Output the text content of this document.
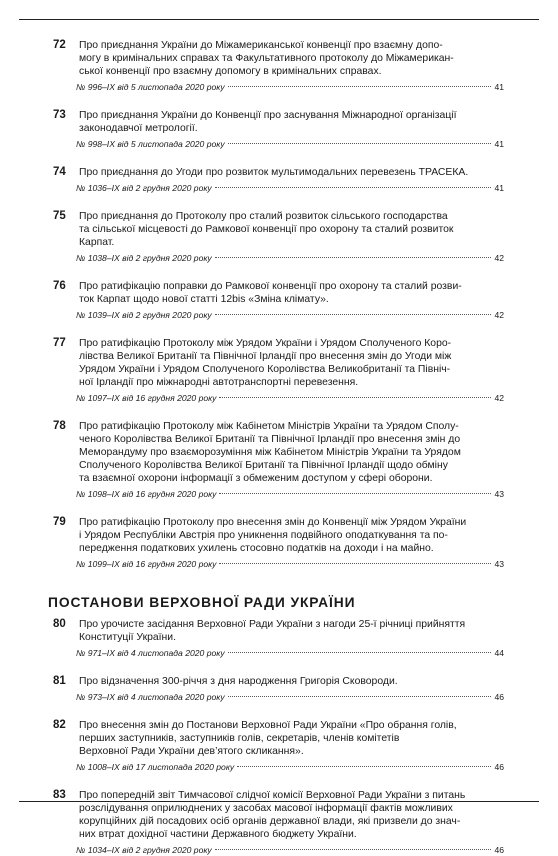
72 Про приєднання України до Міжамериканської конвенції про взаємну допо-
могу в кримінальних справах та Факультативного протоколу до Міжамерикан-
ської конвенції про взаємну допомогу в кримінальних справах.
№ 996–IX від 5 листопада 2020 року	41
73 Про приєднання України до Конвенції про заснування Міжнародної організації
законодавчої метрології.
№ 998–IX від 5 листопада 2020 року	41
74 Про приєднання до Угоди про розвиток мультимодальних перевезень ТРАСЕКА.
№ 1036–IX від 2 грудня 2020 року	41
75 Про приєднання до Протоколу про сталий розвиток сільського господарства
та сільської місцевості до Рамкової конвенції про охорону та сталий розвиток
Карпат.
№ 1038–IX від 2 грудня 2020 року	42
76 Про ратифікацію поправки до Рамкової конвенції про охорону та сталий розви-
ток Карпат щодо нової статті 12bis «Зміна клімату».
№ 1039–IX від 2 грудня 2020 року	42
77 Про ратифікацію Протоколу між Урядом України і Урядом Сполученого Коро-
лівства Великої Британії та Північної Ірландії про внесення змін до Угоди між
Урядом України і Урядом Сполученого Королівства Великобританії та Північ-
ної Ірландії про міжнародні автотранспортні перевезення.
№ 1097–IX від 16 грудня 2020 року	42
78 Про ратифікацію Протоколу між Кабінетом Міністрів України та Урядом Сполу-
ченого Королівства Великої Британії та Північної Ірландії про внесення змін до
Меморандуму про взаєморозуміння між Кабінетом Міністрів України та Урядом
Сполученого Королівства Великої Британії та Північної Ірландії щодо обміну
та взаємної охорони інформації з обмеженим доступом у сфері оборони.
№ 1098–IX від 16 грудня 2020 року	43
79 Про ратифікацію Протоколу про внесення змін до Конвенції між Урядом України
і Урядом Республіки Австрія про уникнення подвійного оподаткування та по-
передження податкових ухилень стосовно податків на доходи і на майно.
№ 1099–IX від 16 грудня 2020 року	43
ПОСТАНОВИ ВЕРХОВНОЇ РАДИ УКРАЇНИ
80 Про урочисте засідання Верховної Ради України з нагоди 25-ї річниці прийняття
Конституції України.
№ 971–IX від 4 листопада 2020 року	44
81 Про відзначення 300-річчя з дня народження Григорія Сковороди.
№ 973–IX від 4 листопада 2020 року	46
82 Про внесення змін до Постанови Верховної Ради України «Про обрання голів,
перших заступників, заступників голів, секретарів, членів комітетів
Верховної Ради України дев’ятого скликання».
№ 1008–IX від 17 листопада 2020 року	46
83 Про попередній звіт Тимчасової слідчої комісії Верховної Ради України з питань
розслідування оприлюднених у засобах масової інформації фактів можливих
корупційних дій посадових осіб органів державної влади, які призвели до знач-
них втрат дохідної частини Державного бюджету України.
№ 1034–IX від 2 грудня 2020 року	46
